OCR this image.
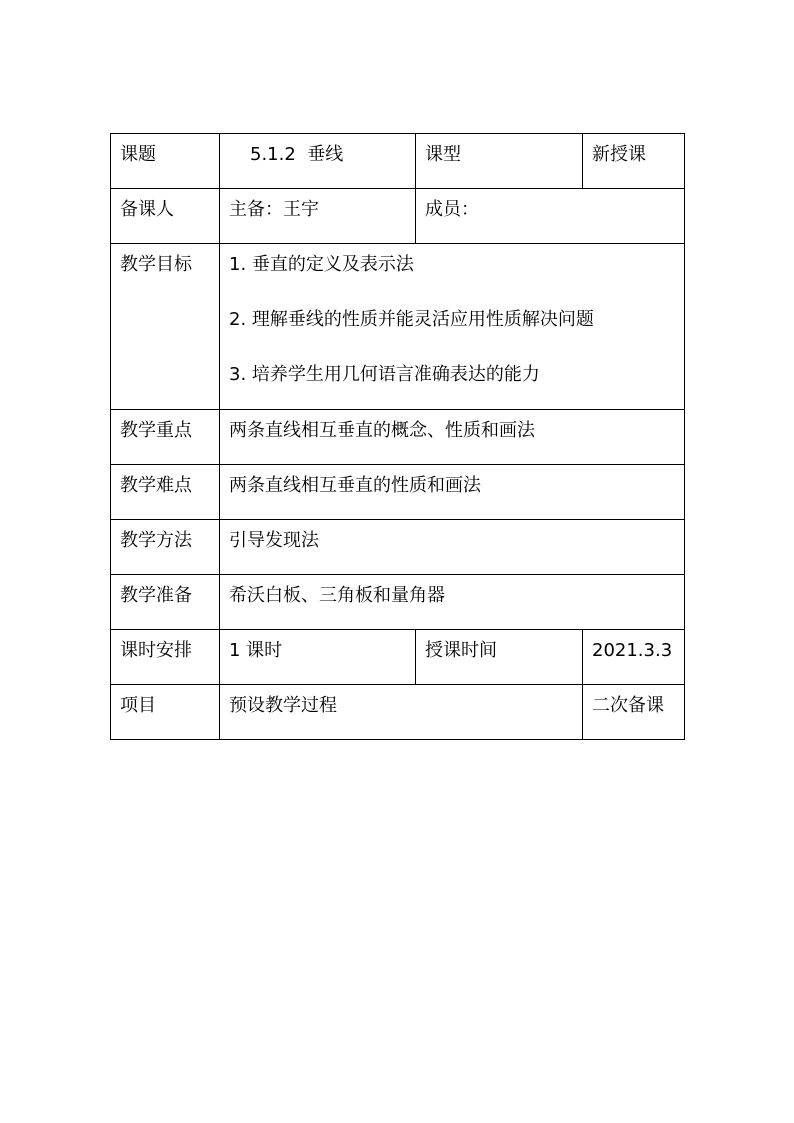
课题	5.1.2  垂线	课型	新授课

备课人	主备：王宇	成员：	

教学目标	1. 垂直的定义及表示法
2. 理解垂线的性质并能灵活应用性质解决问题
3. 培养学生用几何语言准确表达的能力		

教学重点	两条直线相互垂直的概念、性质和画法		

教学难点	两条直线相互垂直的性质和画法		

教学方法	引导发现法		

教学准备	希沃白板、三角板和量角器		

课时安排	1 课时	授课时间	2021.3.3

项目	预设教学过程		二次备课
